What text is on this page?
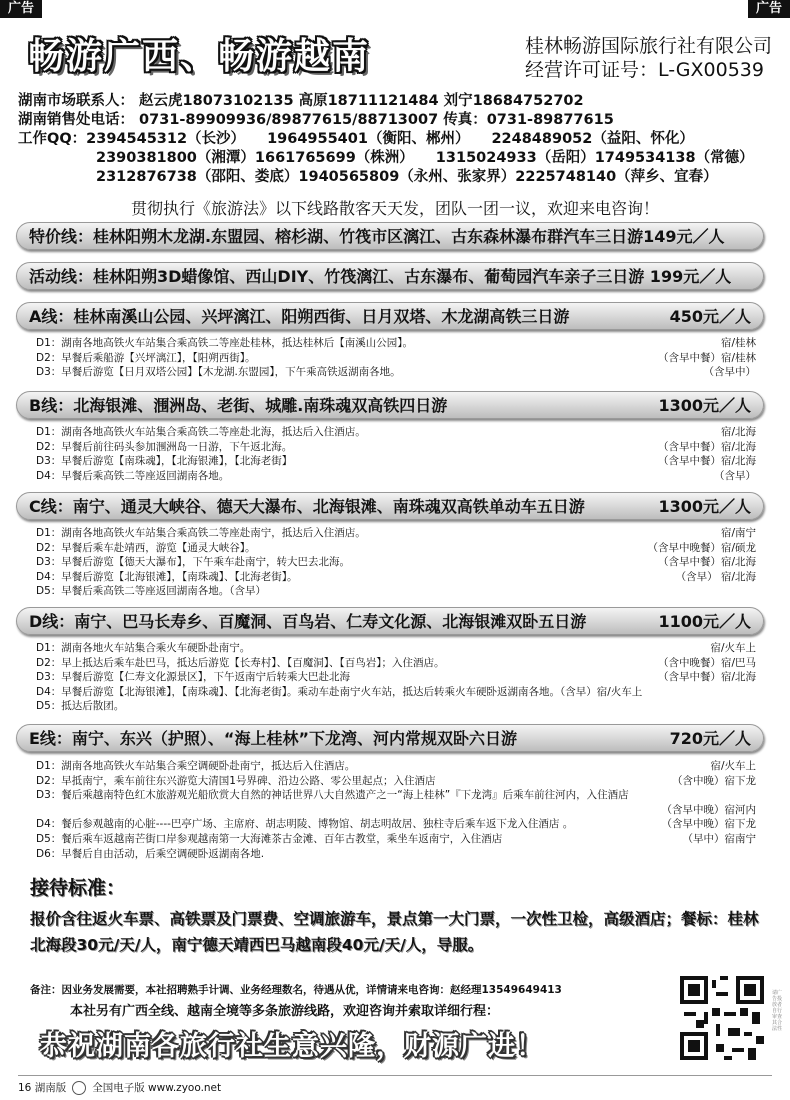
广告	广告
畅游广西、畅游越南	桂林畅游国际旅行社有限公司
经营许可证号：L-GX00539
湖南市场联系人： 赵云虎18073102135 高原18711121484 刘宁18684752702
湖南销售处电话： 0731-89909936/89877615/88713007 传真：0731-89877615
工作QQ：2394545312（长沙） 1964955401（衡阳、郴州） 2248489052（益阳、怀化）
2390381800（湘潭）1661765699（株洲） 1315024933（岳阳）1749534138（常德）
2312876738（邵阳、娄底）1940565809（永州、张家界）2225748140（萍乡、宜春）
贯彻执行《旅游法》以下线路散客天天发，团队一团一议，欢迎来电咨询！
特价线：桂林阳朔木龙湖.东盟园、榕杉湖、竹筏市区漓江、古东森林瀑布群汽车三日游149元／人
活动线：桂林阳朔3D蜡像馆、西山DIY、竹筏漓江、古东瀑布、葡萄园汽车亲子三日游 199元／人
A线：桂林南溪山公园、兴坪漓江、阳朔西街、日月双塔、木龙湖高铁三日游	450元／人
D1：湖南各地高铁火车站集合乘高铁二等座赴桂林，抵达桂林后【南溪山公园】。	宿/桂林
D2：早餐后乘船游【兴坪漓江】，【阳朔西街】。	（含早中餐）宿/桂林
D3：早餐后游览【日月双塔公园】【木龙湖.东盟园】，下午乘高铁返湖南各地。	（含早中）
B线：北海银滩、涠洲岛、老街、城雕.南珠魂双高铁四日游	1300元／人
D1：湖南各地高铁火车站集合乘高铁二等座赴北海，抵达后入住酒店。	宿/北海
D2：早餐后前往码头参加涠洲岛一日游，下午返北海。	（含早中餐）宿/北海
D3：早餐后游览【南珠魂】，【北海银滩】，【北海老街】	（含早中餐）宿/北海
D4：早餐后乘高铁二等座返回湖南各地。	（含早）
C线：南宁、通灵大峡谷、德天大瀑布、北海银滩、南珠魂双高铁单动车五日游	1300元／人
D1：湖南各地高铁火车站集合乘高铁二等座赴南宁，抵达后入住酒店。	宿/南宁
D2：早餐后乘车赴靖西，游览【通灵大峡谷】。	（含早中晚餐）宿/硕龙
D3：早餐后游览【德天大瀑布】，下午乘车赴南宁，转大巴去北海。	（含早中餐）宿/北海
D4：早餐后游览【北海银滩】，【南珠魂】、【北海老街】。	（含早） 宿/北海
D5：早餐后乘高铁二等座返回湖南各地。（含早）
D线：南宁、巴马长寿乡、百魔洞、百鸟岩、仁寿文化源、北海银滩双卧五日游	1100元／人
D1：湖南各地火车站集合乘火车硬卧赴南宁。	宿/火车上
D2：早上抵达后乘车赴巴马，抵达后游览【长寿村】、【百魔洞】、【百鸟岩】；入住酒店。	（含中晚餐）宿/巴马
D3：早餐后游览【仁寿文化源景区】，下午返南宁后转乘大巴赴北海	（含早中餐）宿/北海
D4：早餐后游览【北海银滩】，【南珠魂】、【北海老街】。乘动车赴南宁火车站，抵达后转乘火车硬卧返湖南各地。（含早）宿/火车上
D5：抵达后散团。
E线：南宁、东兴（护照）、“海上桂林”下龙湾、河内常规双卧六日游	720元／人
D1：湖南各地高铁火车站集合乘空调硬卧赴南宁，抵达后入住酒店。	宿/火车上
D2：早抵南宁，乘车前往东兴游览大清国1号界碑、沿边公路、零公里起点；入住酒店	（含中晚）宿下龙
D3：餐后乘越南特色红木旅游观光船欣赏大自然的神话世界八大自然遗产之一“海上桂林”『下龙湾』后乘车前往河内，入住酒店
（含早中晚）宿河内
D4：餐后参观越南的心脏----巴亭广场、主席府、胡志明陵、博物馆、胡志明故居、独柱寺后乘车返下龙入住酒店 。	（含早中晚）宿下龙
D5：餐后乘车返越南芒街口岸参观越南第一大海滩茶古金滩、百年古教堂，乘坐车返南宁，入住酒店	（早中）宿南宁
D6：早餐后自由活动，后乘空调硬卧返湖南各地.
接待标准：
报价含往返火车票、高铁票及门票费、空调旅游车，景点第一大门票，一次性卫检，高级酒店；餐标：桂林北海段30元/天/人，南宁德天靖西巴马越南段40元/天/人，导服。
备注：因业务发展需要，本社招聘熟手计调、业务经理数名，待遇从优，详情请来电咨询：赵经理13549649413
本社另有广西全线、越南全境等多条旅游线路，欢迎咨询并索取详细行程：
恭祝湖南各旅行社生意兴隆，财源广进！
请广告投放者自行审查其合法性
16 湖南版 全国电子版 www.zyoo.net
